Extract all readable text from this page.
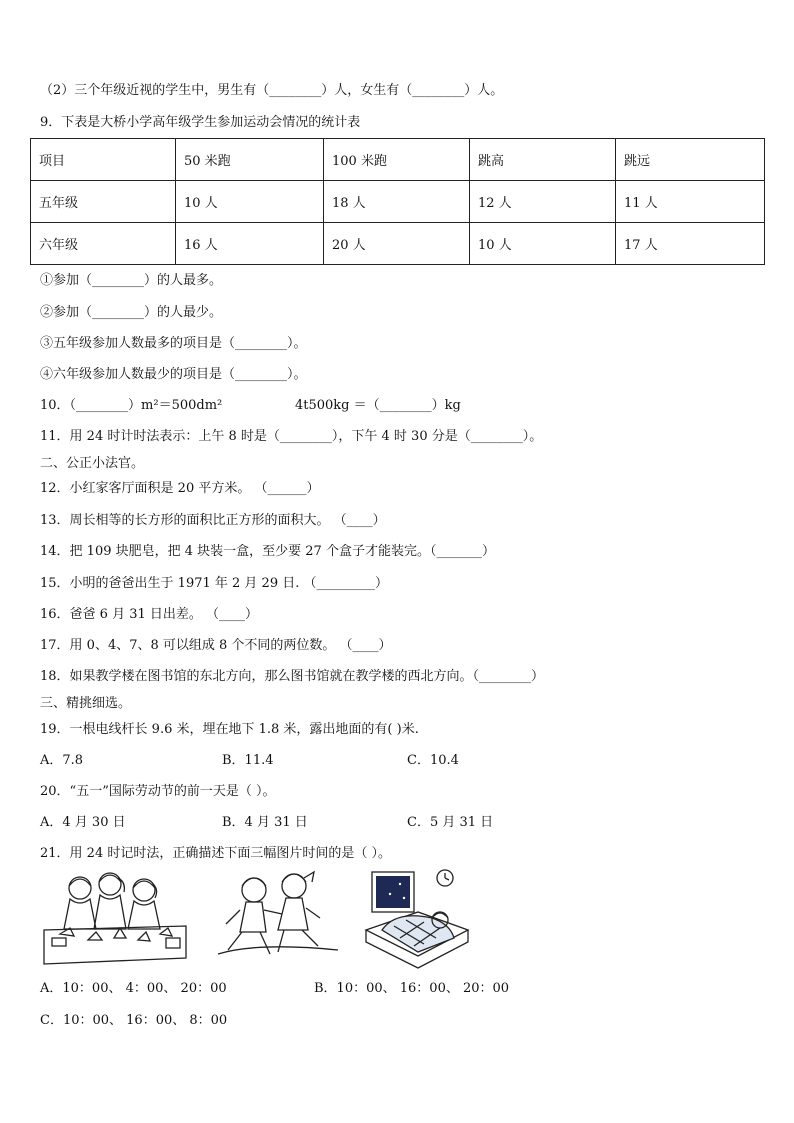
（2）三个年级近视的学生中，男生有（________）人，女生有（________）人。
9．下表是大桥小学高年级学生参加运动会情况的统计表
项目	50 米跑	100 米跑	跳高	跳远
五年级	10 人	18 人	12 人	11 人
六年级	16 人	20 人	10 人	17 人
①参加（________）的人最多。
②参加（________）的人最少。
③五年级参加人数最多的项目是（________）。
④六年级参加人数最少的项目是（________）。
10．（________）m²＝500dm²	4t500kg ＝（________）kg
11．用 24 时计时法表示：上午 8 时是（________），下午 4 时 30 分是（________）。
二、公正小法官。
12．小红家客厅面积是 20 平方米。 （______）
13．周长相等的长方形的面积比正方形的面积大。 （____）
14．把 109 块肥皂，把 4 块装一盒，至少要 27 个盒子才能装完。（_______）
15．小明的爸爸出生于 1971 年 2 月 29 日. （_________）
16．爸爸 6 月 31 日出差。 （____）
17．用 0、4、7、8 可以组成 8 个不同的两位数。 （____）
18．如果教学楼在图书馆的东北方向，那么图书馆就在教学楼的西北方向。（________）
三、精挑细选。
19．一根电线杆长 9.6 米，埋在地下 1.8 米，露出地面的有( )米.
A．7.8	B．11.4	C．10.4
20．“五一”国际劳动节的前一天是（ ）。
A．4 月 30 日	B．4 月 31 日	C．5 月 31 日
21．用 24 时记时法，正确描述下面三幅图片时间的是（ ）。
A．10：00、 4：00、 20：00	B．10：00、 16：00、 20：00
C．10：00、 16：00、 8：00
